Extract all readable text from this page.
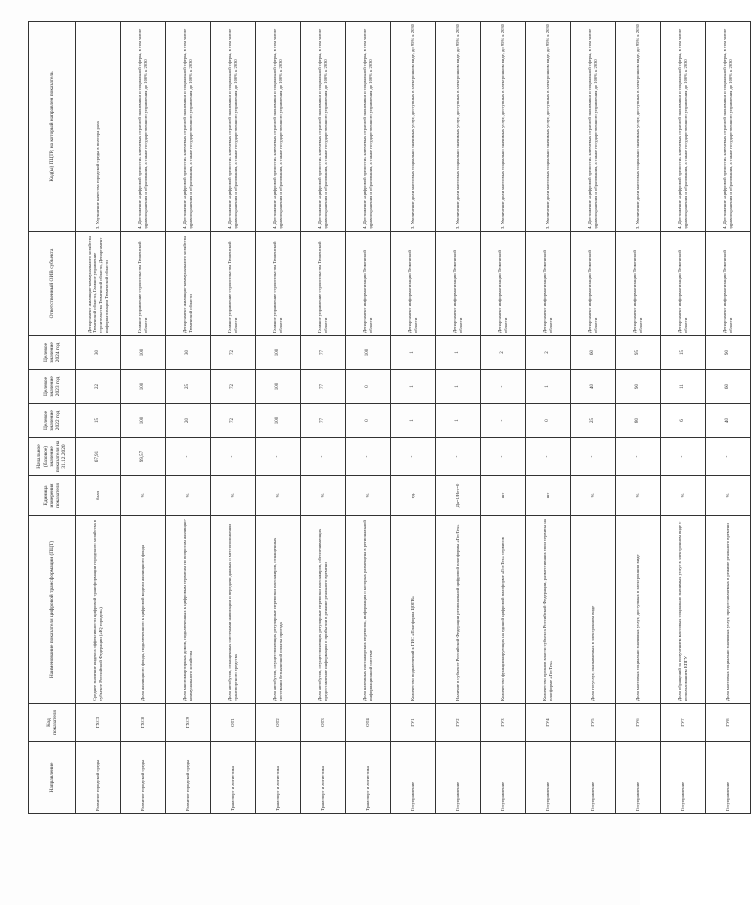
Направление	Код показателя	Наименование показателя цифровой трансформации (ПЦТ)	Единица измерения показателя	Начальное (базовое) значение показателя на 31.12.2020	Целевое значение 2022 год	Целевое значение 2023 год	Целевое значение 2024 год	Ответственный ОИВ субъекта	Код(ы) ПЦТР, на который направлен показатель
Развитие городской среды	ГХС3	Среднее значение индекса эффективности цифровой трансформации городского хозяйства в субъекте Российской Федерации («IQ городов»)	балл	67,91	15	22	30	Департамент жилищно-коммунального хозяйства Тюменской области, Главное управление строительства Тюменской области, Департамент информатизации Тюменской области	3. Улучшение качества городской среды в полтора раза
Развитие городской среды	ГХС8	Доля жилищного фонда, подключенного к цифровой модели жилищного фонда	%	99,57	100	100	100	Главное управление строительства Тюменской области	4. Достижение «цифровой зрелости» ключевых отраслей экономики и социальной сферы, в том числе здравоохранения и образования, а также государственного управления до 100% к 2030
Развитие городской среды	ГХС9	Доля многоквартирных домов, подключенных к цифровым сервисам по вопросам жилищно-коммунального хозяйства	%	-	20	25	30	Департамент жилищно-коммунального хозяйства Тюменской области	4. Достижение «цифровой зрелости» ключевых отраслей экономики и социальной сферы, в том числе здравоохранения и образования, а также государственного управления до 100% к 2030
Транспорт и логистика	ОТ1	Доля автобусов, оснащенных системами навигации и передачи данных о местоположении транспортного средства	%	-	72	72	72	Главное управление строительства Тюменской области	4. Достижение «цифровой зрелости» ключевых отраслей экономики и социальной сферы, в том числе здравоохранения и образования, а также государственного управления до 100% к 2030
Транспорт и логистика	ОТ2	Доля автобусов, осуществляющих регулярные перевозки пассажиров, оснащенных системами безналичной оплаты проезда	%	-	100	100	100	Главное управление строительства Тюменской области	4. Достижение «цифровой зрелости» ключевых отраслей экономики и социальной сферы, в том числе здравоохранения и образования, а также государственного управления до 100% к 2030
Транспорт и логистика	ОТ3	Доля автобусов, осуществляющих регулярные перевозки пассажиров, обеспечивающих предоставление информации о прибытии в режиме реального времени	%	-	77	77	77	Главное управление строительства Тюменской области	4. Достижение «цифровой зрелости» ключевых отраслей экономики и социальной сферы, в том числе здравоохранения и образования, а также государственного управления до 100% к 2030
Транспорт и логистика	ОТ4	Доля наземных пассажирских перевозок, информация о которых размещена в региональной информационной системе	%	-	0	0	100	Департамент информатизации Тюменской области	4. Достижение «цифровой зрелости» ключевых отраслей экономики и социальной сферы, в том числе здравоохранения и образования, а также государственного управления до 100% к 2030
Госуправление	ГУ1	Количество подключений к ГИС «Платформа ЦОГВ»	ед.	-	1	1	1	Департамент информатизации Тюменской области	3. Увеличение доли массовых социально значимых услуг, доступных в электронном виде, до 95% к 2030
Госуправление	ГУ2	Наличие в субъекте Российской Федерации региональной цифровой платформы «ГосТех»	Да=1/Нет=0	-	1	1	1	Департамент информатизации Тюменской области	3. Увеличение доли массовых социально значимых услуг, доступных в электронном виде, до 95% к 2030
Госуправление	ГУ3	Количество функционирующих на единой цифровой платформе «ГосТех» сервисов	шт	-	-	-	2	Департамент информатизации Тюменской области	3. Увеличение доли массовых социально значимых услуг, доступных в электронном виде, до 95% к 2030
Госуправление	ГУ4	Количество органов власти субъекта Российской Федерации, разместивших свои сервисы на платформе «ГосТех»	шт	-	0	1	2	Департамент информатизации Тюменской области	3. Увеличение доли массовых социально значимых услуг, доступных в электронном виде, до 95% к 2030
Госуправление	ГУ5	Доля госуслуг, оказываемых в электронном виде	%	-	25	40	60	Департамент информатизации Тюменской области	4. Достижение «цифровой зрелости» ключевых отраслей экономики и социальной сферы, в том числе здравоохранения и образования, а также государственного управления до 100% к 2030
Госуправление	ГУ6	Доля массовых социально значимых услуг, доступных в электронном виде	%	-	80	90	95	Департамент информатизации Тюменской области	3. Увеличение доли массовых социально значимых услуг, доступных в электронном виде, до 95% к 2030
Госуправление	ГУ7	Доля обращений за получением массовых социально значимых услуг в электронном виде с использованием ЕПГУ	%	-	6	11	15	Департамент информатизации Тюменской области	4. Достижение «цифровой зрелости» ключевых отраслей экономики и социальной сферы, в том числе здравоохранения и образования, а также государственного управления до 100% к 2030
Госуправление	ГУ8	Доля массовых социально значимых услуг, предоставляемых в режиме реального времени	%	-	40	60	90	Департамент информатизации Тюменской области	4. Достижение «цифровой зрелости» ключевых отраслей экономики и социальной сферы, в том числе здравоохранения и образования, а также государственного управления до 100% к 2030
